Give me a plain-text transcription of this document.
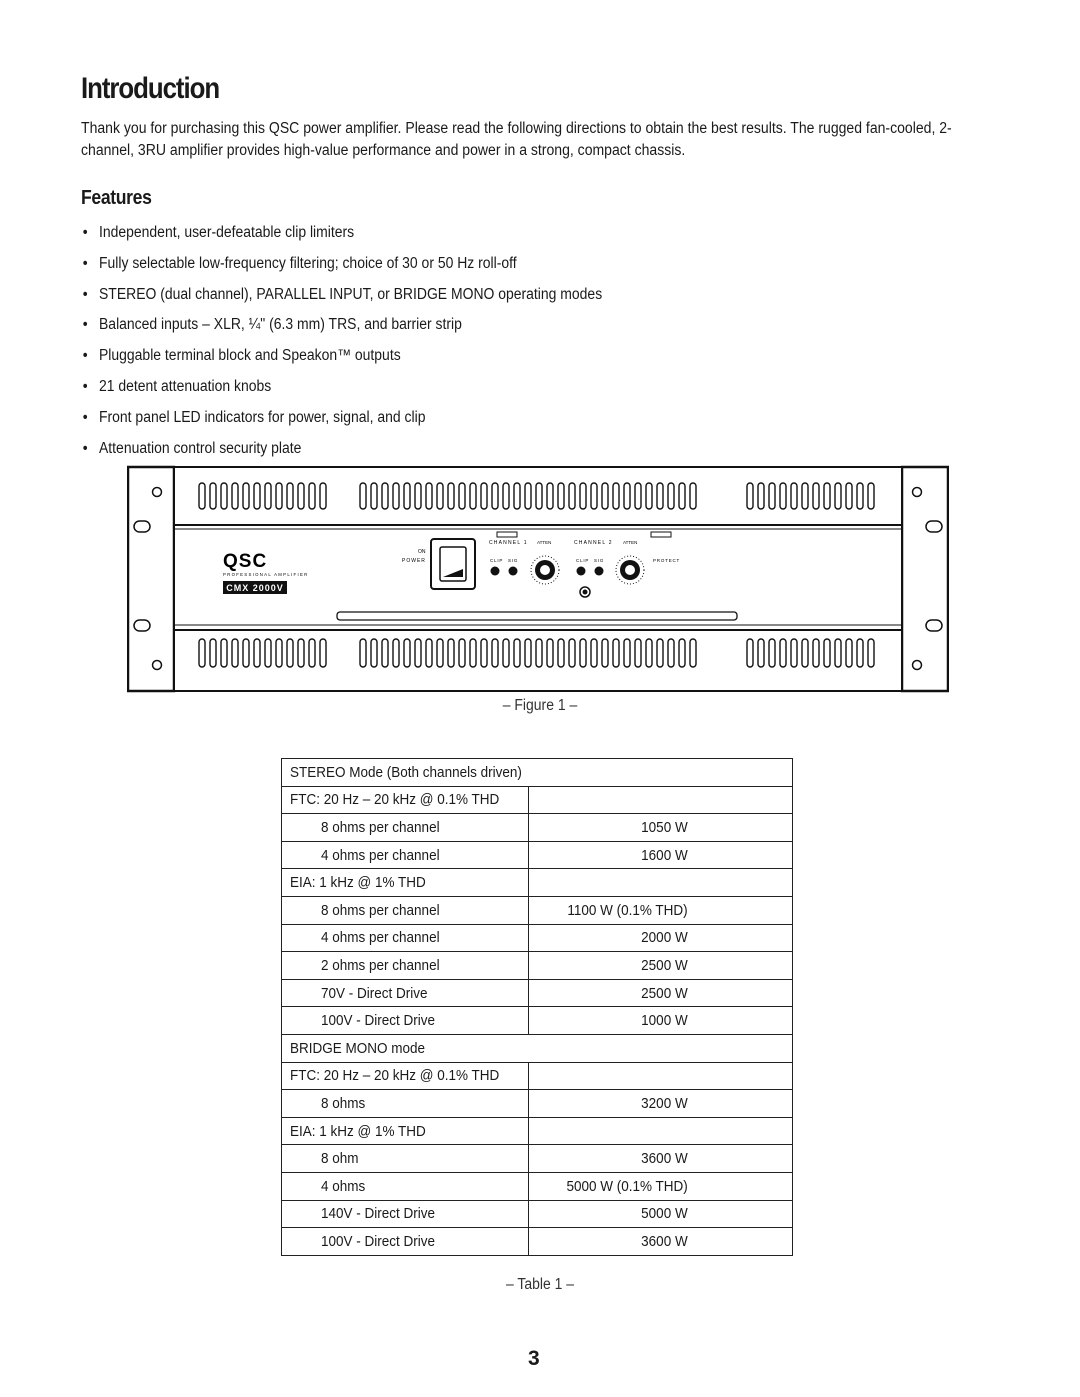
Introduction

Thank you for purchasing this QSC power amplifier. Please read the following directions to obtain the best results. The rugged fan-cooled, 2-channel, 3RU amplifier provides high-value performance and power in a strong, compact chassis.

Features
• Independent, user-defeatable clip limiters
• Fully selectable low-frequency filtering; choice of 30 or 50 Hz roll-off
• STEREO (dual channel), PARALLEL INPUT, or BRIDGE MONO operating modes
• Balanced inputs – XLR, ¼" (6.3 mm) TRS, and barrier strip
• Pluggable terminal block and Speakon™ outputs
• 21 detent attenuation knobs
• Front panel LED indicators for power, signal, and clip
• Attenuation control security plate
QSC
PROFESSIONAL AMPLIFIER
CMX 2000V
POWER
ON
CHANNEL 1 ATTEN
CLIP SIG
CHANNEL 2 ATTEN
CLIP SIG	PROTECT
– Figure 1 –
STEREO Mode (Both channels driven)	
FTC: 20 Hz – 20 kHz @ 0.1% THD	
8 ohms per channel	1050 W
4 ohms per channel	1600 W
EIA: 1 kHz @ 1% THD	
8 ohms per channel	1100 W (0.1% THD)
4 ohms per channel	2000 W
2 ohms per channel	2500 W
70V - Direct Drive	2500 W
100V - Direct Drive	1000 W
BRIDGE MONO mode	
FTC: 20 Hz – 20 kHz @ 0.1% THD	
8 ohms	3200 W
EIA: 1 kHz @ 1% THD	
8 ohm	3600 W
4 ohms	5000 W (0.1% THD)
140V - Direct Drive	5000 W
100V - Direct Drive	3600 W
– Table 1 –
3
